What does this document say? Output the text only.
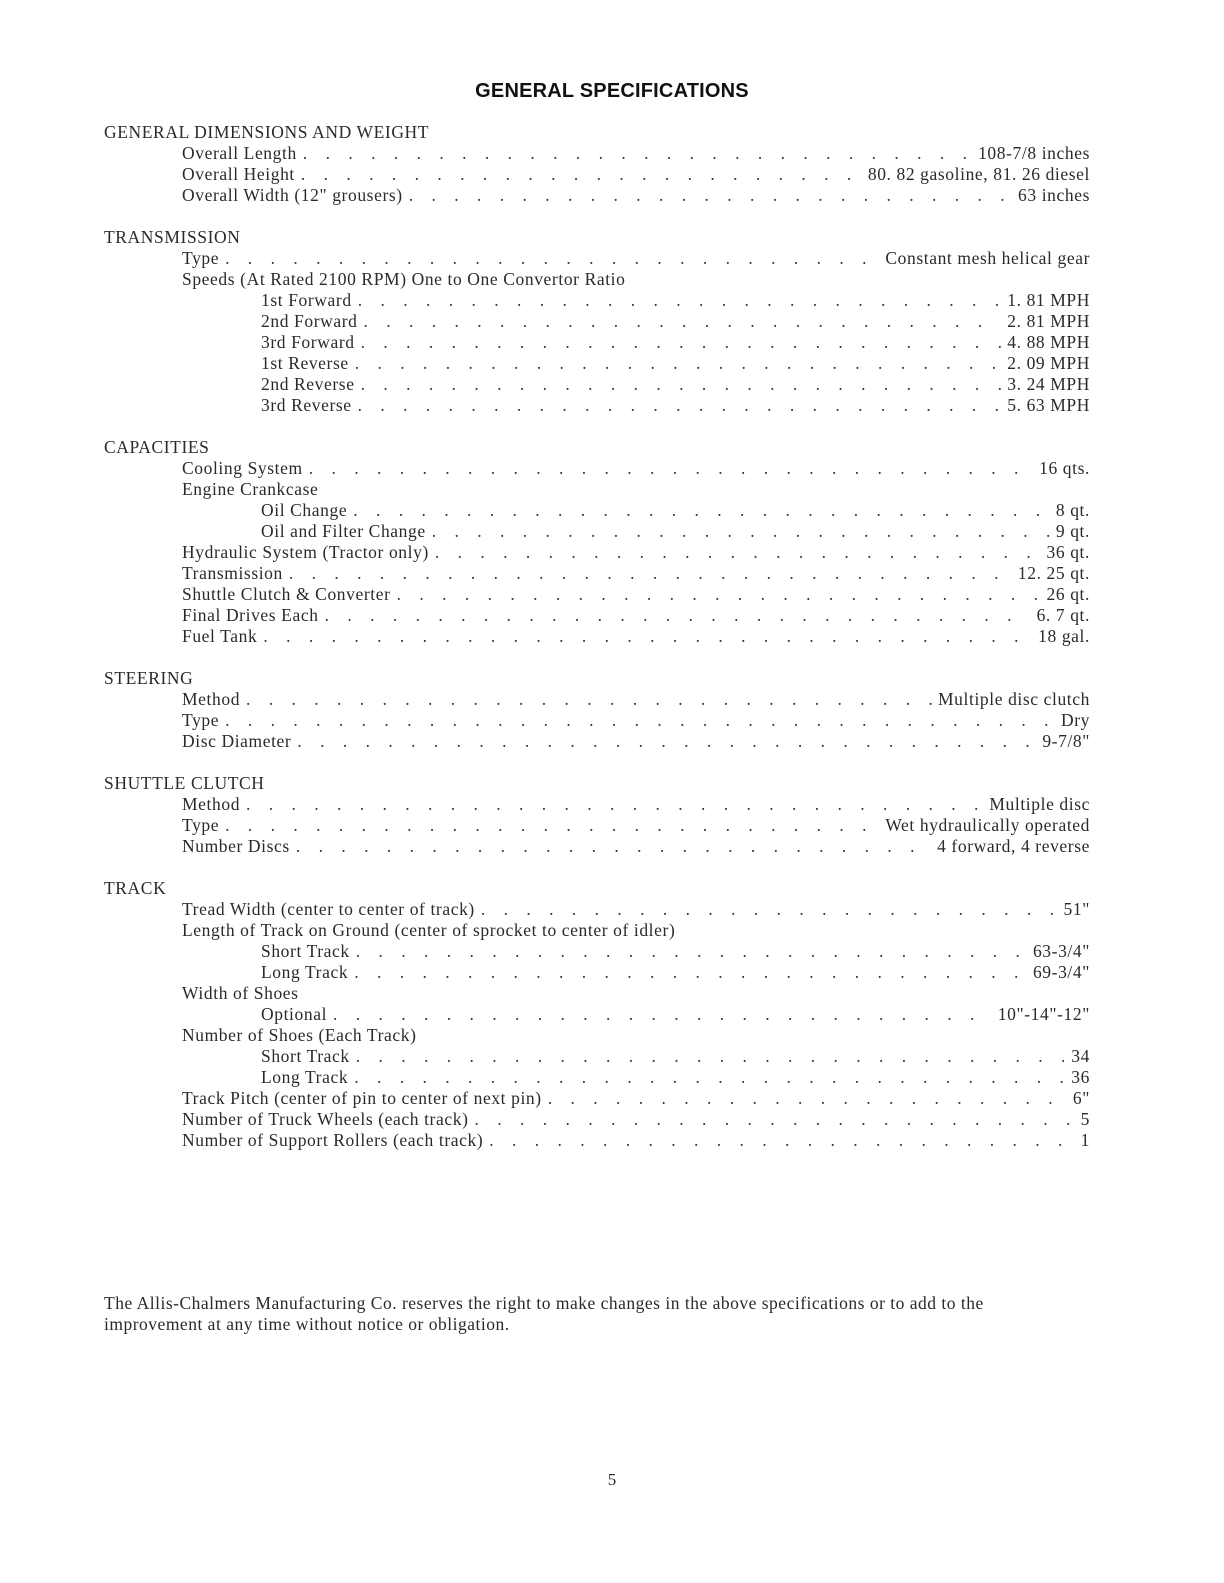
GENERAL SPECIFICATIONS
GENERAL DIMENSIONS AND WEIGHT
Overall Length . . .	108-7/8 inches
Overall Height . . .	80. 82 gasoline, 81. 26 diesel
Overall Width (12" grousers) . . .	63 inches
TRANSMISSION
Type . . .	Constant mesh helical gear
Speeds (At Rated 2100 RPM) One to One Convertor Ratio
1st Forward . . .	1. 81 MPH
2nd Forward . . .	2. 81 MPH
3rd Forward . . .	4. 88 MPH
1st Reverse . . .	2. 09 MPH
2nd Reverse . . .	3. 24 MPH
3rd Reverse . . .	5. 63 MPH
CAPACITIES
Cooling System . . .	16 qts.
Engine Crankcase
Oil Change . . .	8 qt.
Oil and Filter Change . . .	9 qt.
Hydraulic System (Tractor only) . . .	36 qt.
Transmission . . .	12. 25 qt.
Shuttle Clutch & Converter . . .	26 qt.
Final Drives Each . . .	6. 7 qt.
Fuel Tank . . .	18 gal.
STEERING
Method . . .	Multiple disc clutch
Type . . .	Dry
Disc Diameter . . .	9-7/8"
SHUTTLE CLUTCH
Method . . .	Multiple disc
Type . . .	Wet hydraulically operated
Number Discs . . .	4 forward, 4 reverse
TRACK
Tread Width (center to center of track) . . .	51"
Length of Track on Ground (center of sprocket to center of idler)
Short Track . . .	63-3/4"
Long Track . . .	69-3/4"
Width of Shoes
Optional . . .	10"-14"-12"
Number of Shoes (Each Track)
Short Track . . .	34
Long Track . . .	36
Track Pitch (center of pin to center of next pin) . . .	6"
Number of Truck Wheels (each track) . . .	5
Number of Support Rollers (each track) . . .	1
The Allis-Chalmers Manufacturing Co. reserves the right to make changes in the above specifications or to add to the improvement at any time without notice or obligation.
5
